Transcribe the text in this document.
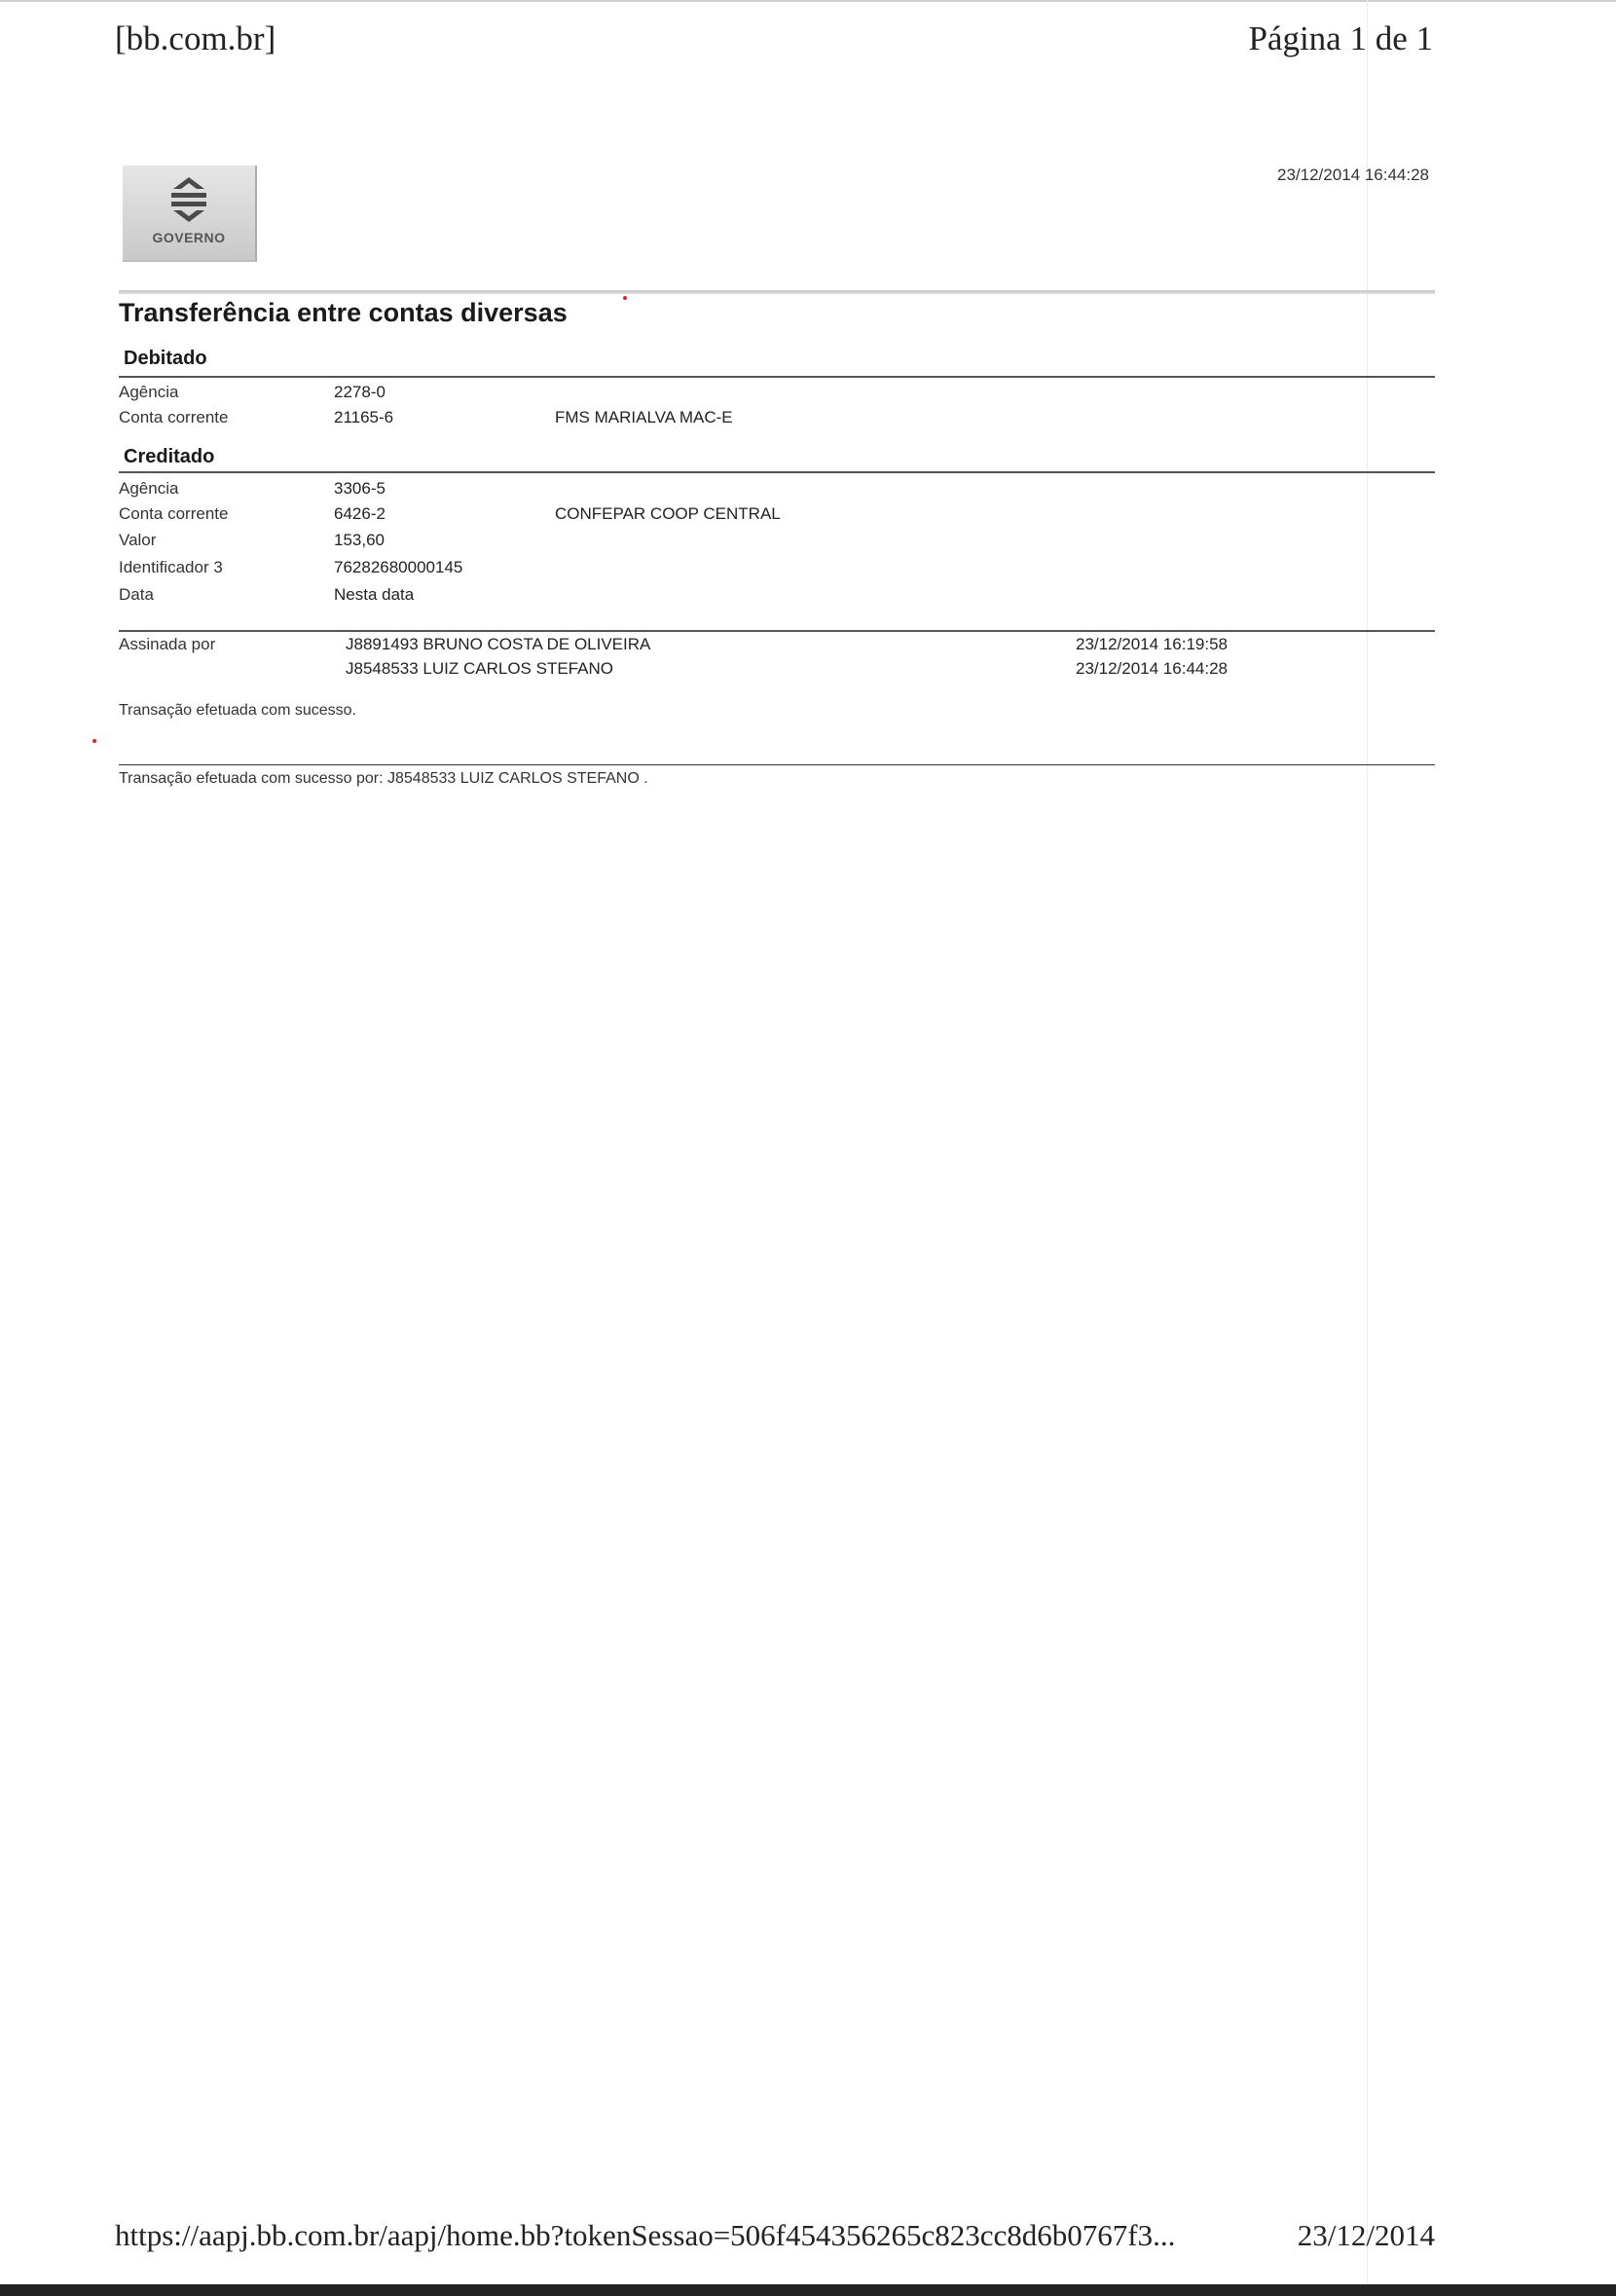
[bb.com.br]	Página 1 de 1
GOVERNO
23/12/2014 16:44:28
Transferência entre contas diversas
Debitado
Agência	2278-0
Conta corrente	21165-6	FMS MARIALVA MAC-E
Creditado
Agência	3306-5
Conta corrente	6426-2	CONFEPAR COOP CENTRAL
Valor	153,60
Identificador 3	76282680000145
Data	Nesta data
Assinada por	J8891493 BRUNO COSTA DE OLIVEIRA	23/12/2014 16:19:58
J8548533 LUIZ CARLOS STEFANO	23/12/2014 16:44:28
Transação efetuada com sucesso.
Transação efetuada com sucesso por: J8548533 LUIZ CARLOS STEFANO .
https://aapj.bb.com.br/aapj/home.bb?tokenSessao=506f454356265c823cc8d6b0767f3...	23/12/2014
